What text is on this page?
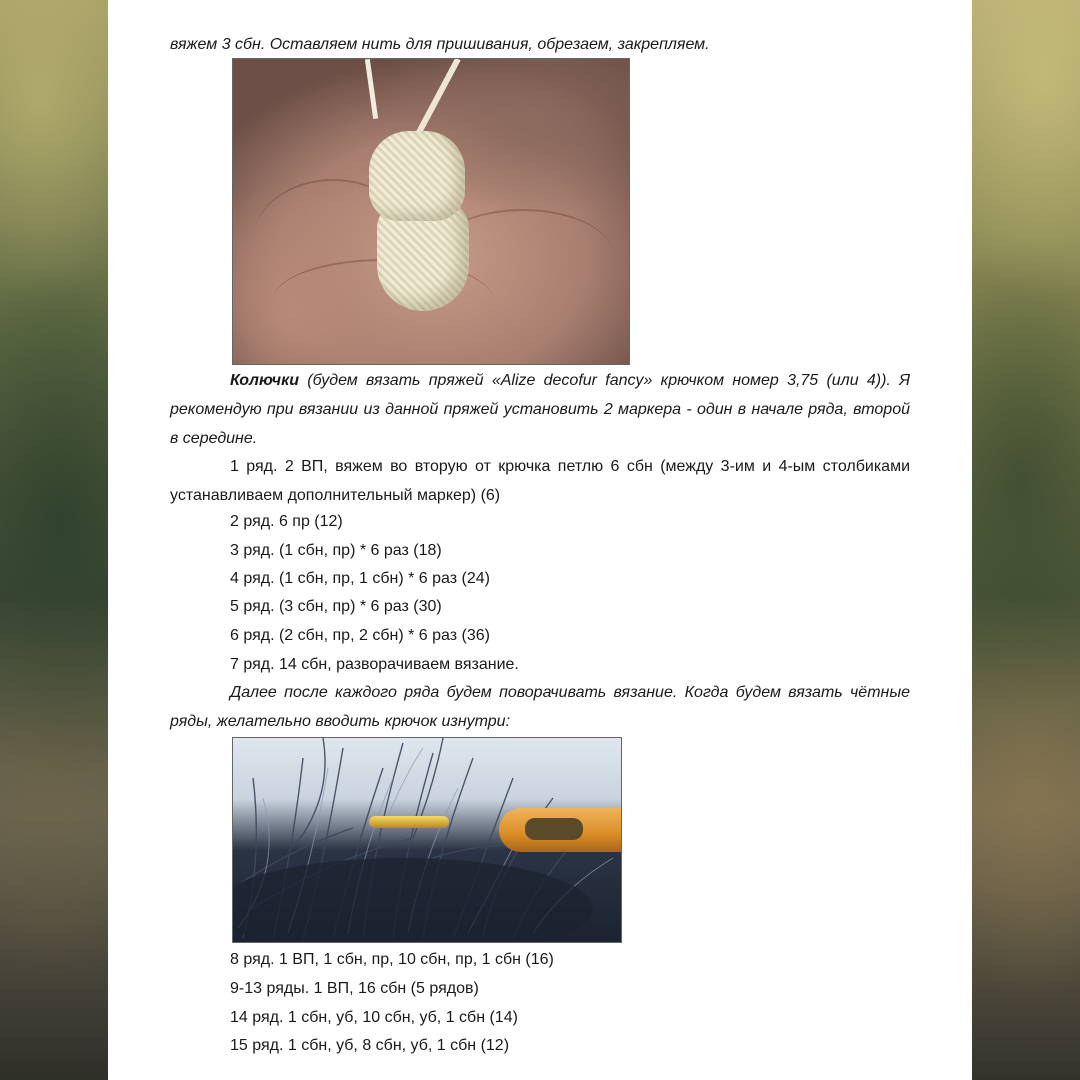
вяжем 3 сбн. Оставляем нить для пришивания, обрезаем, закрепляем.
Колючки (будем вязать пряжей «Alize decofur fancy» крючком номер 3,75 (или 4)). Я рекомендую при вязании из данной пряжей установить 2 маркера - один в начале ряда, второй в середине.
1 ряд. 2 ВП, вяжем во вторую от крючка петлю 6 сбн (между 3-им и 4-ым столбиками устанавливаем дополнительный маркер) (6)
2 ряд. 6 пр (12)
3 ряд. (1 сбн, пр) * 6 раз (18)
4 ряд. (1 сбн, пр, 1 сбн) * 6 раз (24)
5 ряд. (3 сбн, пр) * 6 раз (30)
6 ряд. (2 сбн, пр, 2 сбн) * 6 раз (36)
7 ряд. 14 сбн, разворачиваем вязание.
Далее после каждого ряда будем поворачивать вязание. Когда будем вязать чётные ряды, желательно вводить крючок изнутри:
8 ряд. 1 ВП, 1 сбн, пр, 10 сбн, пр, 1 сбн (16)
9-13 ряды. 1 ВП, 16 сбн (5 рядов)
14 ряд. 1 сбн, уб, 10 сбн, уб, 1 сбн (14)
15 ряд. 1 сбн, уб, 8 сбн, уб, 1 сбн (12)
